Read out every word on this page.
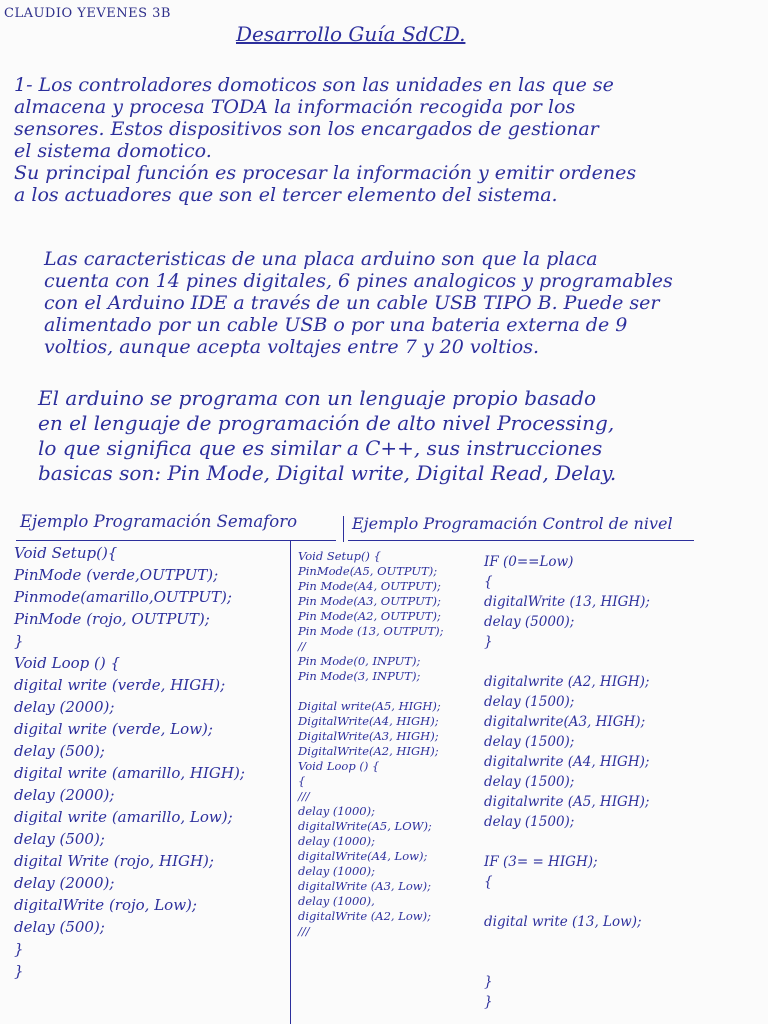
CLAUDIO YEVENES 3B
Desarrollo Guía SdCD.
1- Los controladores domoticos son las unidades en las que se
almacena y procesa TODA la información recogida por los
sensores. Estos dispositivos son los encargados de gestionar
el sistema domotico.
Su principal función es procesar la información y emitir ordenes
a los actuadores que son el tercer elemento del sistema.
Las caracteristicas de una placa arduino son que la placa
cuenta con 14 pines digitales, 6 pines analogicos y programables
con el Arduino IDE a través de un cable USB TIPO B. Puede ser
alimentado por un cable USB o por una bateria externa de 9
voltios, aunque acepta voltajes entre 7 y 20 voltios.
El arduino se programa con un lenguaje propio basado
en el lenguaje de programación de alto nivel Processing,
lo que significa que es similar a C++, sus instrucciones
basicas son: Pin Mode, Digital write, Digital Read, Delay.
Ejemplo Programación Semaforo	Ejemplo Programación Control de nivel
Void Setup(){
PinMode (verde,OUTPUT);
Pinmode(amarillo,OUTPUT);
PinMode (rojo, OUTPUT);
}
Void Loop () {
digital write (verde, HIGH);
delay (2000);
digital write (verde, Low);
delay (500);
digital write (amarillo, HIGH);
delay (2000);
digital write (amarillo, Low);
delay (500);
digital Write (rojo, HIGH);
delay (2000);
digitalWrite (rojo, Low);
delay (500);
}
}
Void Setup() {
PinMode(A5, OUTPUT);
Pin Mode(A4, OUTPUT);
Pin Mode(A3, OUTPUT);
Pin Mode(A2, OUTPUT);
Pin Mode (13, OUTPUT);
//
Pin Mode(0, INPUT);
Pin Mode(3, INPUT);

Digital write(A5, HIGH);
DigitalWrite(A4, HIGH);
DigitalWrite(A3, HIGH);
DigitalWrite(A2, HIGH);
Void Loop () {
{
///
delay (1000);
digitalWrite(A5, LOW);
delay (1000);
digitalWrite(A4, Low);
delay (1000);
digitalWrite (A3, Low);
delay (1000),
digitalWrite (A2, Low);
///
IF (0==Low)
{
digitalWrite (13, HIGH);
delay (5000);
}

digitalwrite (A2, HIGH);
delay (1500);
digitalwrite(A3, HIGH);
delay (1500);
digitalwrite (A4, HIGH);
delay (1500);
digitalwrite (A5, HIGH);
delay (1500);

IF (3= = HIGH);
{

digital write (13, Low);

}
}
